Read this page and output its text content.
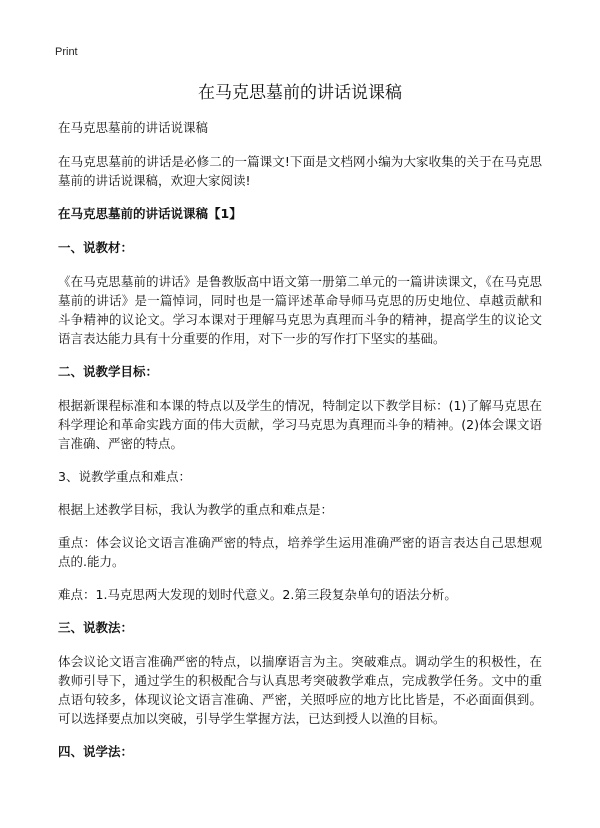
Print
在马克思墓前的讲话说课稿

在马克思墓前的讲话说课稿

在马克思墓前的讲话是必修二的一篇课文!下面是文档网小编为大家收集的关于在马克思墓前的讲话说课稿，欢迎大家阅读!

在马克思墓前的讲话说课稿【1】

一、说教材：

《在马克思墓前的讲话》是鲁教版高中语文第一册第二单元的一篇讲读课文，《在马克思墓前的讲话》是一篇悼词，同时也是一篇评述革命导师马克思的历史地位、卓越贡献和斗争精神的议论文。学习本课对于理解马克思为真理而斗争的精神，提高学生的议论文语言表达能力具有十分重要的作用，对下一步的写作打下坚实的基础。

二、说教学目标：

根据新课程标准和本课的特点以及学生的情况，特制定以下教学目标：(1)了解马克思在科学理论和革命实践方面的伟大贡献，学习马克思为真理而斗争的精神。(2)体会课文语言准确、严密的特点。

3、说教学重点和难点：

根据上述教学目标，我认为教学的重点和难点是：

重点：体会议论文语言准确严密的特点，培养学生运用准确严密的语言表达自己思想观点的.能力。

难点：1.马克思两大发现的划时代意义。2.第三段复杂单句的语法分析。

三、说教法：

体会议论文语言准确严密的特点，以揣摩语言为主。突破难点。调动学生的积极性，在教师引导下，通过学生的积极配合与认真思考突破教学难点，完成教学任务。文中的重点语句较多，体现议论文语言准确、严密，关照呼应的地方比比皆是，不必面面俱到。可以选择要点加以突破，引导学生掌握方法，已达到授人以渔的目标。

四、说学法：
